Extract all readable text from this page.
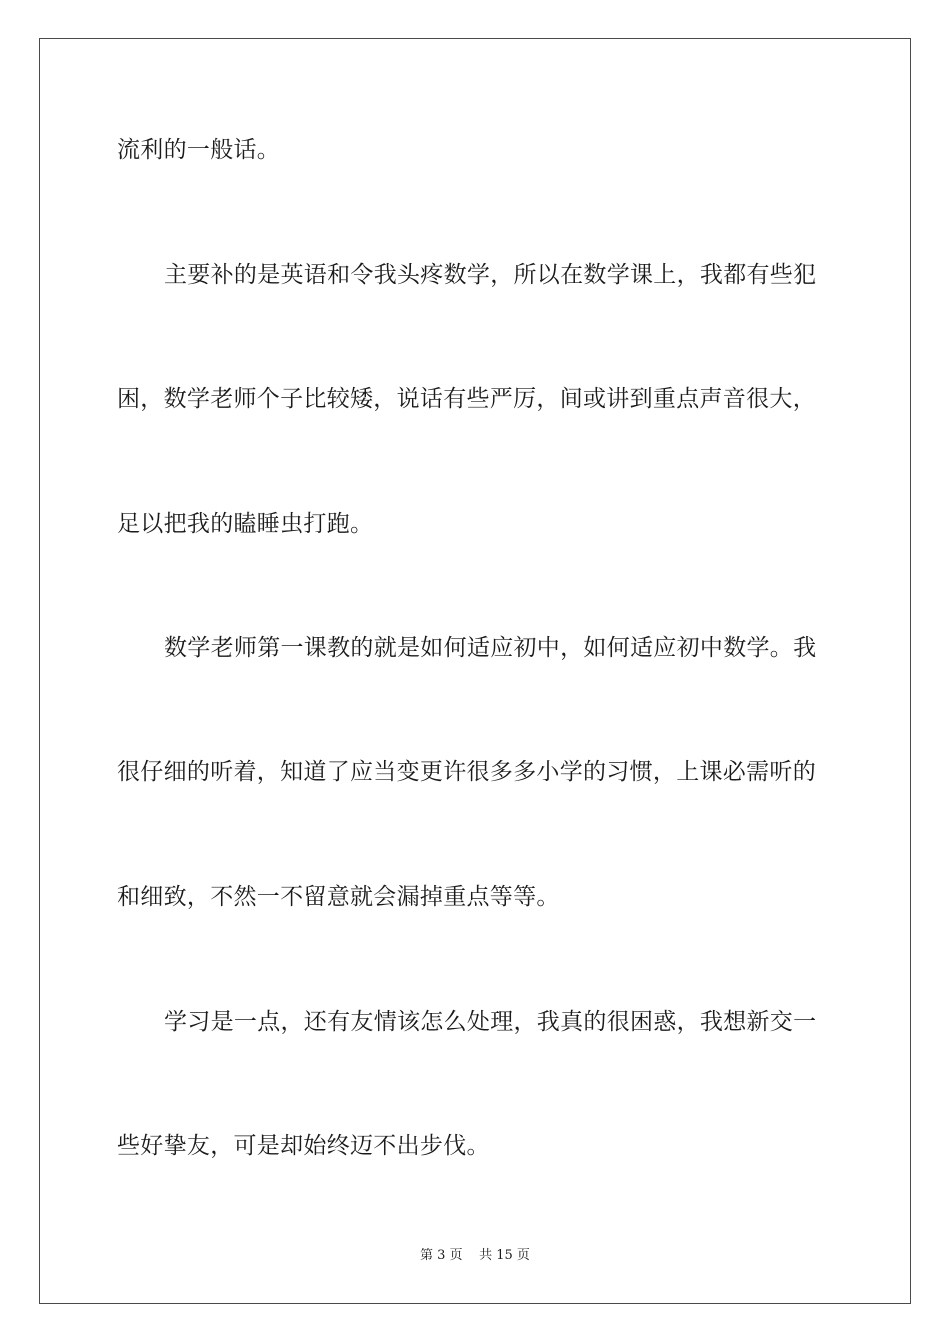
流利的一般话。
主要补的是英语和令我头疼数学，所以在数学课上，我都有些犯
困，数学老师个子比较矮，说话有些严厉，间或讲到重点声音很大，
足以把我的瞌睡虫打跑。
数学老师第一课教的就是如何适应初中，如何适应初中数学。我
很仔细的听着，知道了应当变更许很多多小学的习惯，上课必需听的
和细致，不然一不留意就会漏掉重点等等。
学习是一点，还有友情该怎么处理，我真的很困惑，我想新交一
些好挚友，可是却始终迈不出步伐。
第 3 页 共 15 页
